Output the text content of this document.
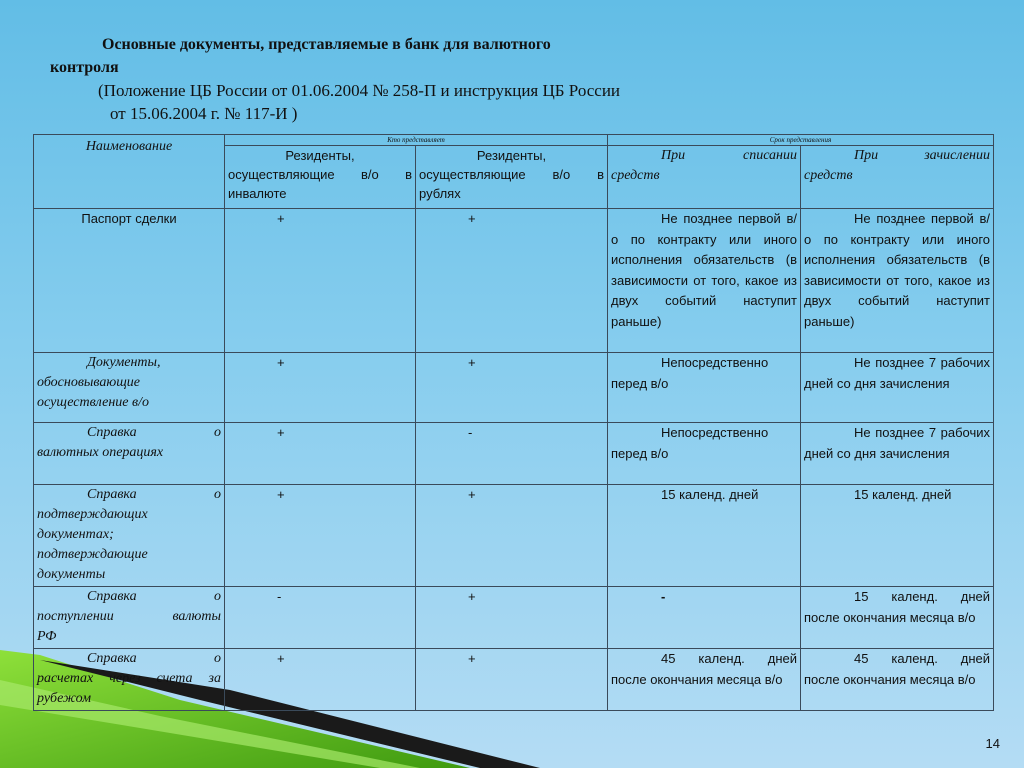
Основные документы, представляемые в банк для валютного
контроля
(Положение ЦБ России от 01.06.2004 № 258-П и инструкция ЦБ России
от 15.06.2004 г. № 117-И )
Наименование	Кто представляет		Срок представления	

	Резиденты,
осуществляющие в/о в
инвалюте	Резиденты,
осуществляющие в/о в
рублях	При списании
средств	При зачислении
средств

Паспорт сделки	+	+	Не позднее первой в/о по контракту или иного исполнения обязательств (в зависимости от того, какое из двух событий наступит раньше)	Не позднее первой в/о по контракту или иного исполнения обязательств (в зависимости от того, какое из двух событий наступит раньше)

Документы,
обосновывающие
осуществление в/о	+	+	Непосредственно перед в/о	Не позднее 7 рабочих дней со дня зачисления

Справка о
валютных операциях	+	-	Непосредственно перед в/о	Не позднее 7 рабочих дней со дня зачисления

Справка о
подтверждающих
документах;
подтверждающие
документы	+	+	15 календ. дней	15 календ. дней

Справка о
поступлении валюты
РФ	-	+	-	15 календ. дней после окончания месяца в/о

Справка о
расчетах через счета за
рубежом	+	+	45 календ. дней после окончания месяца в/о	45 календ. дней после окончания месяца в/о
14
